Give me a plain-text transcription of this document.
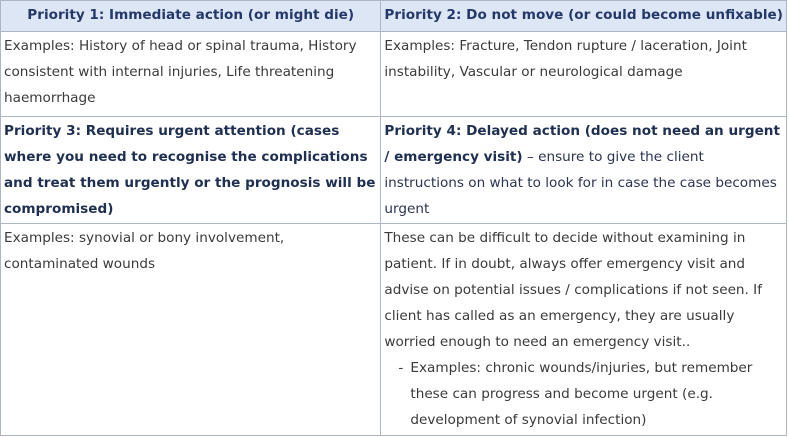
Priority 1: Immediate action (or might die)	Priority 2: Do not move (or could become unfixable)
Examples: History of head or spinal trauma, History consistent with internal injuries, Life threatening haemorrhage	Examples: Fracture, Tendon rupture / laceration, Joint instability, Vascular or neurological damage
Priority 3: Requires urgent attention (cases where you need to recognise the complications and treat them urgently or the prognosis will be compromised)	Priority 4: Delayed action (does not need an urgent / emergency visit) – ensure to give the client instructions on what to look for in case the case becomes urgent
Examples: synovial or bony involvement, contaminated wounds	These can be difficult to decide without examining in patient. If in doubt, always offer emergency visit and advise on potential issues / complications if not seen. If client has called as an emergency, they are usually worried enough to need an emergency visit..
- Examples: chronic wounds/injuries, but remember these can progress and become urgent (e.g. development of synovial infection)
